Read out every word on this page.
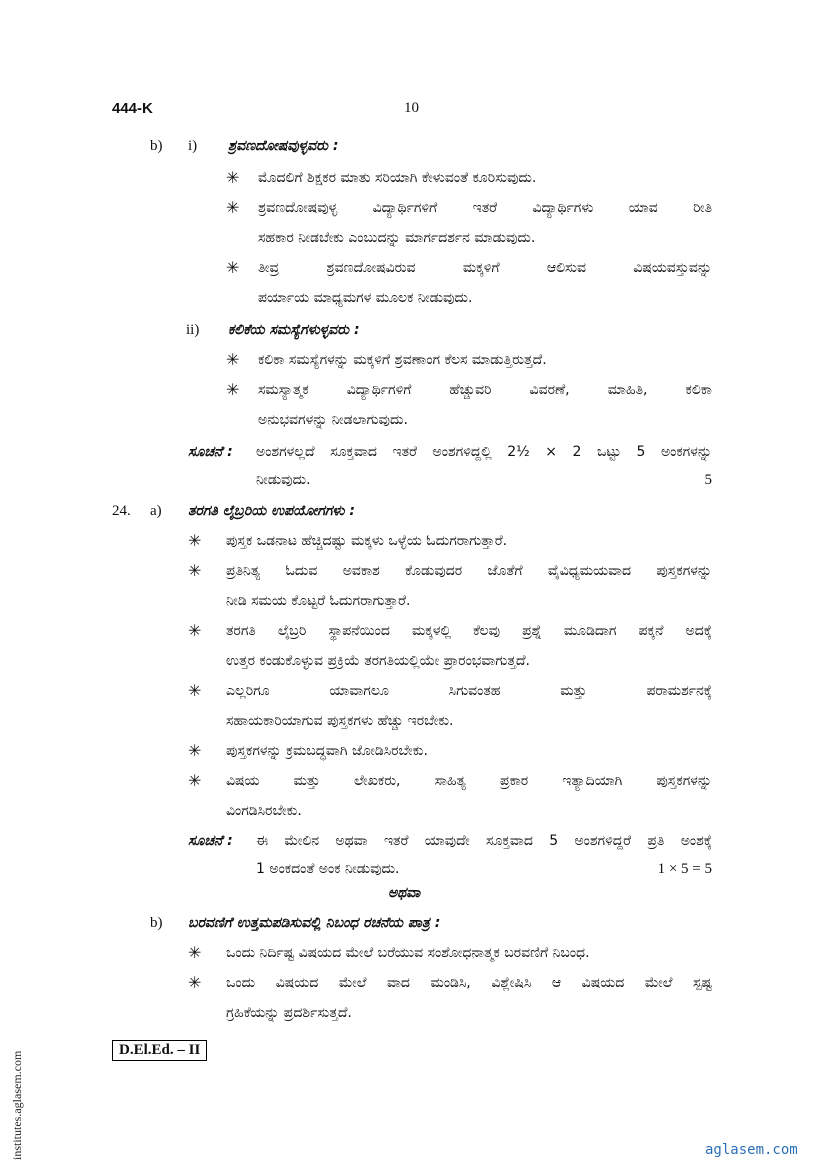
444-K	10
b) i) ಶ್ರವಣದೋಷವುಳ್ಳವರು :
✳ ಮೊದಲಿಗೆ ಶಿಕ್ಷಕರ ಮಾತು ಸರಿಯಾಗಿ ಕೇಳುವಂತೆ ಕೂರಿಸುವುದು.
✳ ಶ್ರವಣದೋಷವುಳ್ಳ ವಿದ್ಯಾರ್ಥಿಗಳಿಗೆ ಇತರೆ ವಿದ್ಯಾರ್ಥಿಗಳು ಯಾವ ರೀತಿ
ಸಹಕಾರ ನೀಡಬೇಕು ಎಂಬುದನ್ನು ಮಾರ್ಗದರ್ಶನ ಮಾಡುವುದು.
✳ ತೀವ್ರ ಶ್ರವಣದೋಷವಿರುವ ಮಕ್ಕಳಿಗೆ ಆಲಿಸುವ ವಿಷಯವಸ್ತುವನ್ನು
ಪರ್ಯಾಯ ಮಾಧ್ಯಮಗಳ ಮೂಲಕ ನೀಡುವುದು.
ii) ಕಲಿಕೆಯ ಸಮಸ್ಯೆಗಳುಳ್ಳವರು :
✳ ಕಲಿಕಾ ಸಮಸ್ಯೆಗಳನ್ನು ಮಕ್ಕಳಿಗೆ ಶ್ರವಣಾಂಗ ಕೆಲಸ ಮಾಡುತ್ತಿರುತ್ತದೆ.
✳ ಸಮಸ್ಯಾತ್ಮಕ ವಿದ್ಯಾರ್ಥಿಗಳಿಗೆ ಹೆಚ್ಚುವರಿ ವಿವರಣೆ, ಮಾಹಿತಿ, ಕಲಿಕಾ
ಅನುಭವಗಳನ್ನು ನೀಡಲಾಗುವುದು.
ಸೂಚನೆ : ಅಂಶಗಳಲ್ಲದೆ ಸೂಕ್ತವಾದ ಇತರೆ ಅಂಶಗಳಿದ್ದಲ್ಲಿ 2½ × 2 ಒಟ್ಟು 5 ಅಂಕಗಳನ್ನು
ನೀಡುವುದು.	5
24. a) ತರಗತಿ ಲೈಬ್ರರಿಯ ಉಪಯೋಗಗಳು :
✳ ಪುಸ್ತಕ ಒಡನಾಟ ಹೆಚ್ಚಿದಷ್ಟು ಮಕ್ಕಳು ಒಳ್ಳೆಯ ಓದುಗರಾಗುತ್ತಾರೆ.
✳ ಪ್ರತಿನಿತ್ಯ ಓದುವ ಅವಕಾಶ ಕೊಡುವುದರ ಜೊತೆಗೆ ವೈವಿಧ್ಯಮಯವಾದ ಪುಸ್ತಕಗಳನ್ನು
ನೀಡಿ ಸಮಯ ಕೊಟ್ಟರೆ ಓದುಗರಾಗುತ್ತಾರೆ.
✳ ತರಗತಿ ಲೈಬ್ರರಿ ಸ್ಥಾಪನೆಯಿಂದ ಮಕ್ಕಳಲ್ಲಿ ಕೆಲವು ಪ್ರಶ್ನೆ ಮೂಡಿದಾಗ ಪಕ್ಕನೆ ಅದಕ್ಕೆ
ಉತ್ತರ ಕಂಡುಕೊಳ್ಳುವ ಪ್ರಕ್ರಿಯೆ ತರಗತಿಯಲ್ಲಿಯೇ ಪ್ರಾರಂಭವಾಗುತ್ತದೆ.
✳ ಎಲ್ಲರಿಗೂ ಯಾವಾಗಲೂ ಸಿಗುವಂತಹ ಮತ್ತು ಪರಾಮರ್ಶನಕ್ಕೆ
ಸಹಾಯಕಾರಿಯಾಗುವ ಪುಸ್ತಕಗಳು ಹೆಚ್ಚು ಇರಬೇಕು.
✳ ಪುಸ್ತಕಗಳನ್ನು ಕ್ರಮಬದ್ಧವಾಗಿ ಜೋಡಿಸಿರಬೇಕು.
✳ ವಿಷಯ ಮತ್ತು ಲೇಖಕರು, ಸಾಹಿತ್ಯ ಪ್ರಕಾರ ಇತ್ಯಾದಿಯಾಗಿ ಪುಸ್ತಕಗಳನ್ನು
ವಿಂಗಡಿಸಿರಬೇಕು.
ಸೂಚನೆ : ಈ ಮೇಲಿನ ಅಥವಾ ಇತರೆ ಯಾವುದೇ ಸೂಕ್ತವಾದ 5 ಅಂಶಗಳಿದ್ದರೆ ಪ್ರತಿ ಅಂಶಕ್ಕೆ
1 ಅಂಕದಂತೆ ಅಂಕ ನೀಡುವುದು.	1 × 5 = 5
ಅಥವಾ
b) ಬರವಣಿಗೆ ಉತ್ತಮಪಡಿಸುವಲ್ಲಿ ನಿಬಂಧ ರಚನೆಯ ಪಾತ್ರ :
✳ ಒಂದು ನಿರ್ದಿಷ್ಟ ವಿಷಯದ ಮೇಲೆ ಬರೆಯುವ ಸಂಶೋಧನಾತ್ಮಕ ಬರವಣಿಗೆ ನಿಬಂಧ.
✳ ಒಂದು ವಿಷಯದ ಮೇಲೆ ವಾದ ಮಂಡಿಸಿ, ವಿಶ್ಲೇಷಿಸಿ ಆ ವಿಷಯದ ಮೇಲೆ ಸ್ಪಷ್ಟ
ಗ್ರಹಿಕೆಯನ್ನು ಪ್ರದರ್ಶಿಸುತ್ತದೆ.
D.El.Ed. – II
institutes.aglasem.com	aglasem.com
